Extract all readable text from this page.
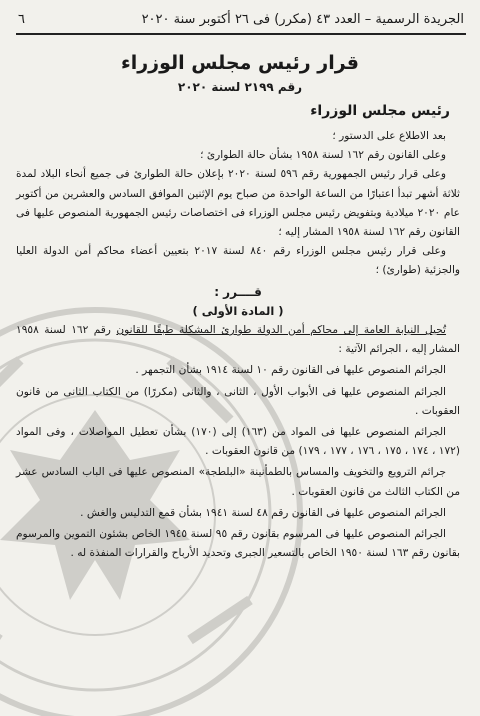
الجريدة الرسمية – العدد ٤٣ (مكرر) فى ٢٦ أكتوبر سنة ٢٠٢٠
٦
قرار رئيس مجلس الوزراء
رقم ٢١٩٩ لسنة ٢٠٢٠
رئيس مجلس الوزراء

بعد الاطلاع على الدستور ؛

وعلى القانون رقم ١٦٢ لسنة ١٩٥٨ بشأن حالة الطوارئ ؛

وعلى قرار رئيس الجمهورية رقم ٥٩٦ لسنة ٢٠٢٠ بإعلان حالة الطوارئ فى جميع أنحاء البلاد لمدة ثلاثة أشهر تبدأ اعتبارًا من الساعة الواحدة من صباح يوم الإثنين الموافق السادس والعشرين من أكتوبر عام ٢٠٢٠ ميلادية وبتفويض رئيس مجلس الوزراء فى اختصاصات رئيس الجمهورية المنصوص عليها فى القانون رقم ١٦٢ لسنة ١٩٥٨ المشار إليه ؛

وعلى قرار رئيس مجلس الوزراء رقم ٨٤٠ لسنة ٢٠١٧ بتعيين أعضاء محاكم أمن الدولة العليا والجزئية (طوارئ) ؛

قــــرر :

( المادة الأولى )

تُحيل النيابة العامة إلى محاكم أمن الدولة طوارئ المشكلة طبقًا للقانون رقم ١٦٢ لسنة ١٩٥٨ المشار إليه ، الجرائم الآتية :

الجرائم المنصوص عليها فى القانون رقم ١٠ لسنة ١٩١٤ بشأن التجمهر .

الجرائم المنصوص عليها فى الأبواب الأول ، الثانى ، والثانى (مكررًا) من الكتاب الثانى من قانون العقوبات .

الجرائم المنصوص عليها فى المواد من (١٦٣) إلى (١٧٠) بشأن تعطيل المواصلات ، وفى المواد (١٧٢ ، ١٧٤ ، ١٧٥ ، ١٧٦ ، ١٧٧ ، ١٧٩) من قانون العقوبات .

جرائم الترويع والتخويف والمساس بالطمأنينة «البلطجة» المنصوص عليها فى الباب السادس عشر من الكتاب الثالث من قانون العقوبات .

الجرائم المنصوص عليها فى القانون رقم ٤٨ لسنة ١٩٤١ بشأن قمع التدليس والغش .

الجرائم المنصوص عليها فى المرسوم بقانون رقم ٩٥ لسنة ١٩٤٥ الخاص بشئون التموين والمرسوم بقانون رقم ١٦٣ لسنة ١٩٥٠ الخاص بالتسعير الجبرى وتحديد الأرباح والقرارات المنفذة له .
